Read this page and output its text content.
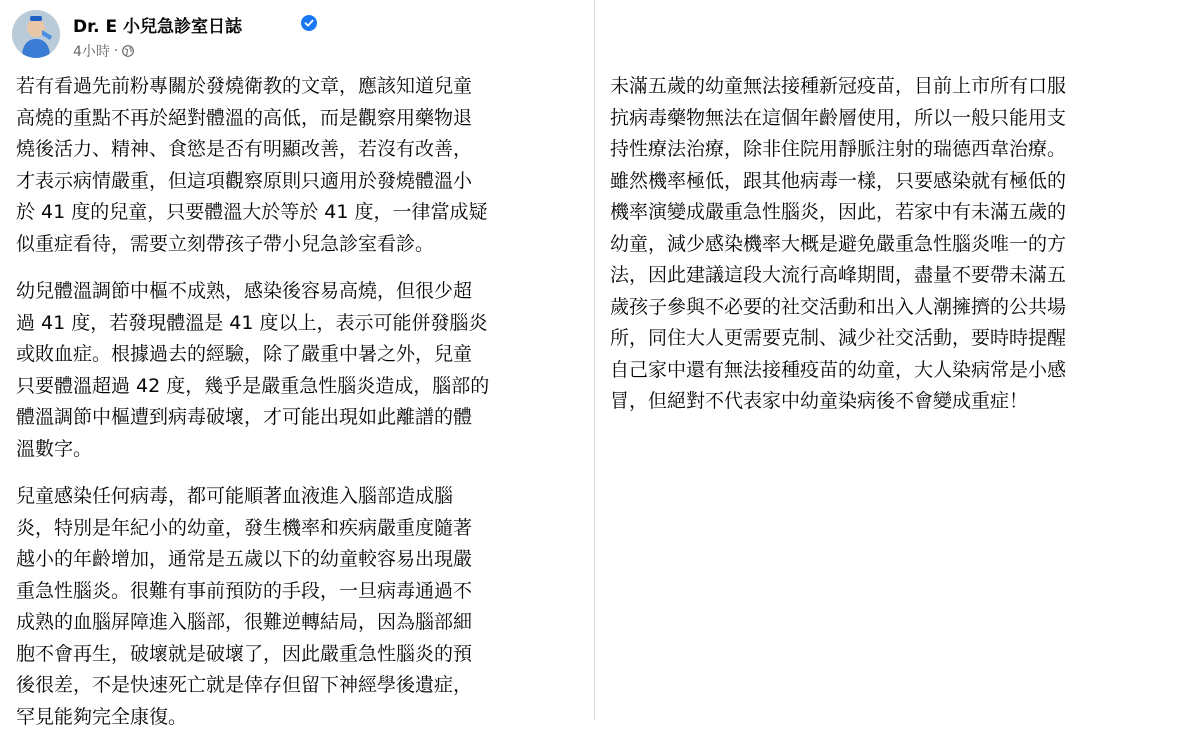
Dr. E 小兒急診室日誌
4小時 ·
若有看過先前粉專關於發燒衛教的文章，應該知道兒童
高燒的重點不再於絕對體溫的高低，而是觀察用藥物退
燒後活力、精神、食慾是否有明顯改善，若沒有改善，
才表示病情嚴重，但這項觀察原則只適用於發燒體溫小
於 41 度的兒童，只要體溫大於等於 41 度，一律當成疑
似重症看待，需要立刻帶孩子帶小兒急診室看診。
幼兒體溫調節中樞不成熟，感染後容易高燒，但很少超
過 41 度，若發現體溫是 41 度以上，表示可能併發腦炎
或敗血症。根據過去的經驗，除了嚴重中暑之外，兒童
只要體溫超過 42 度，幾乎是嚴重急性腦炎造成，腦部的
體溫調節中樞遭到病毒破壞，才可能出現如此離譜的體
溫數字。
兒童感染任何病毒，都可能順著血液進入腦部造成腦
炎，特別是年紀小的幼童，發生機率和疾病嚴重度隨著
越小的年齡增加，通常是五歲以下的幼童較容易出現嚴
重急性腦炎。很難有事前預防的手段，一旦病毒通過不
成熟的血腦屏障進入腦部，很難逆轉結局，因為腦部細
胞不會再生，破壞就是破壞了，因此嚴重急性腦炎的預
後很差，不是快速死亡就是倖存但留下神經學後遺症，
罕見能夠完全康復。
未滿五歲的幼童無法接種新冠疫苗，目前上市所有口服
抗病毒藥物無法在這個年齡層使用，所以一般只能用支
持性療法治療，除非住院用靜脈注射的瑞德西韋治療。
雖然機率極低，跟其他病毒一樣，只要感染就有極低的
機率演變成嚴重急性腦炎，因此，若家中有未滿五歲的
幼童，減少感染機率大概是避免嚴重急性腦炎唯一的方
法，因此建議這段大流行高峰期間，盡量不要帶未滿五
歲孩子參與不必要的社交活動和出入人潮擁擠的公共場
所，同住大人更需要克制、減少社交活動，要時時提醒
自己家中還有無法接種疫苗的幼童，大人染病常是小感
冒，但絕對不代表家中幼童染病後不會變成重症！
